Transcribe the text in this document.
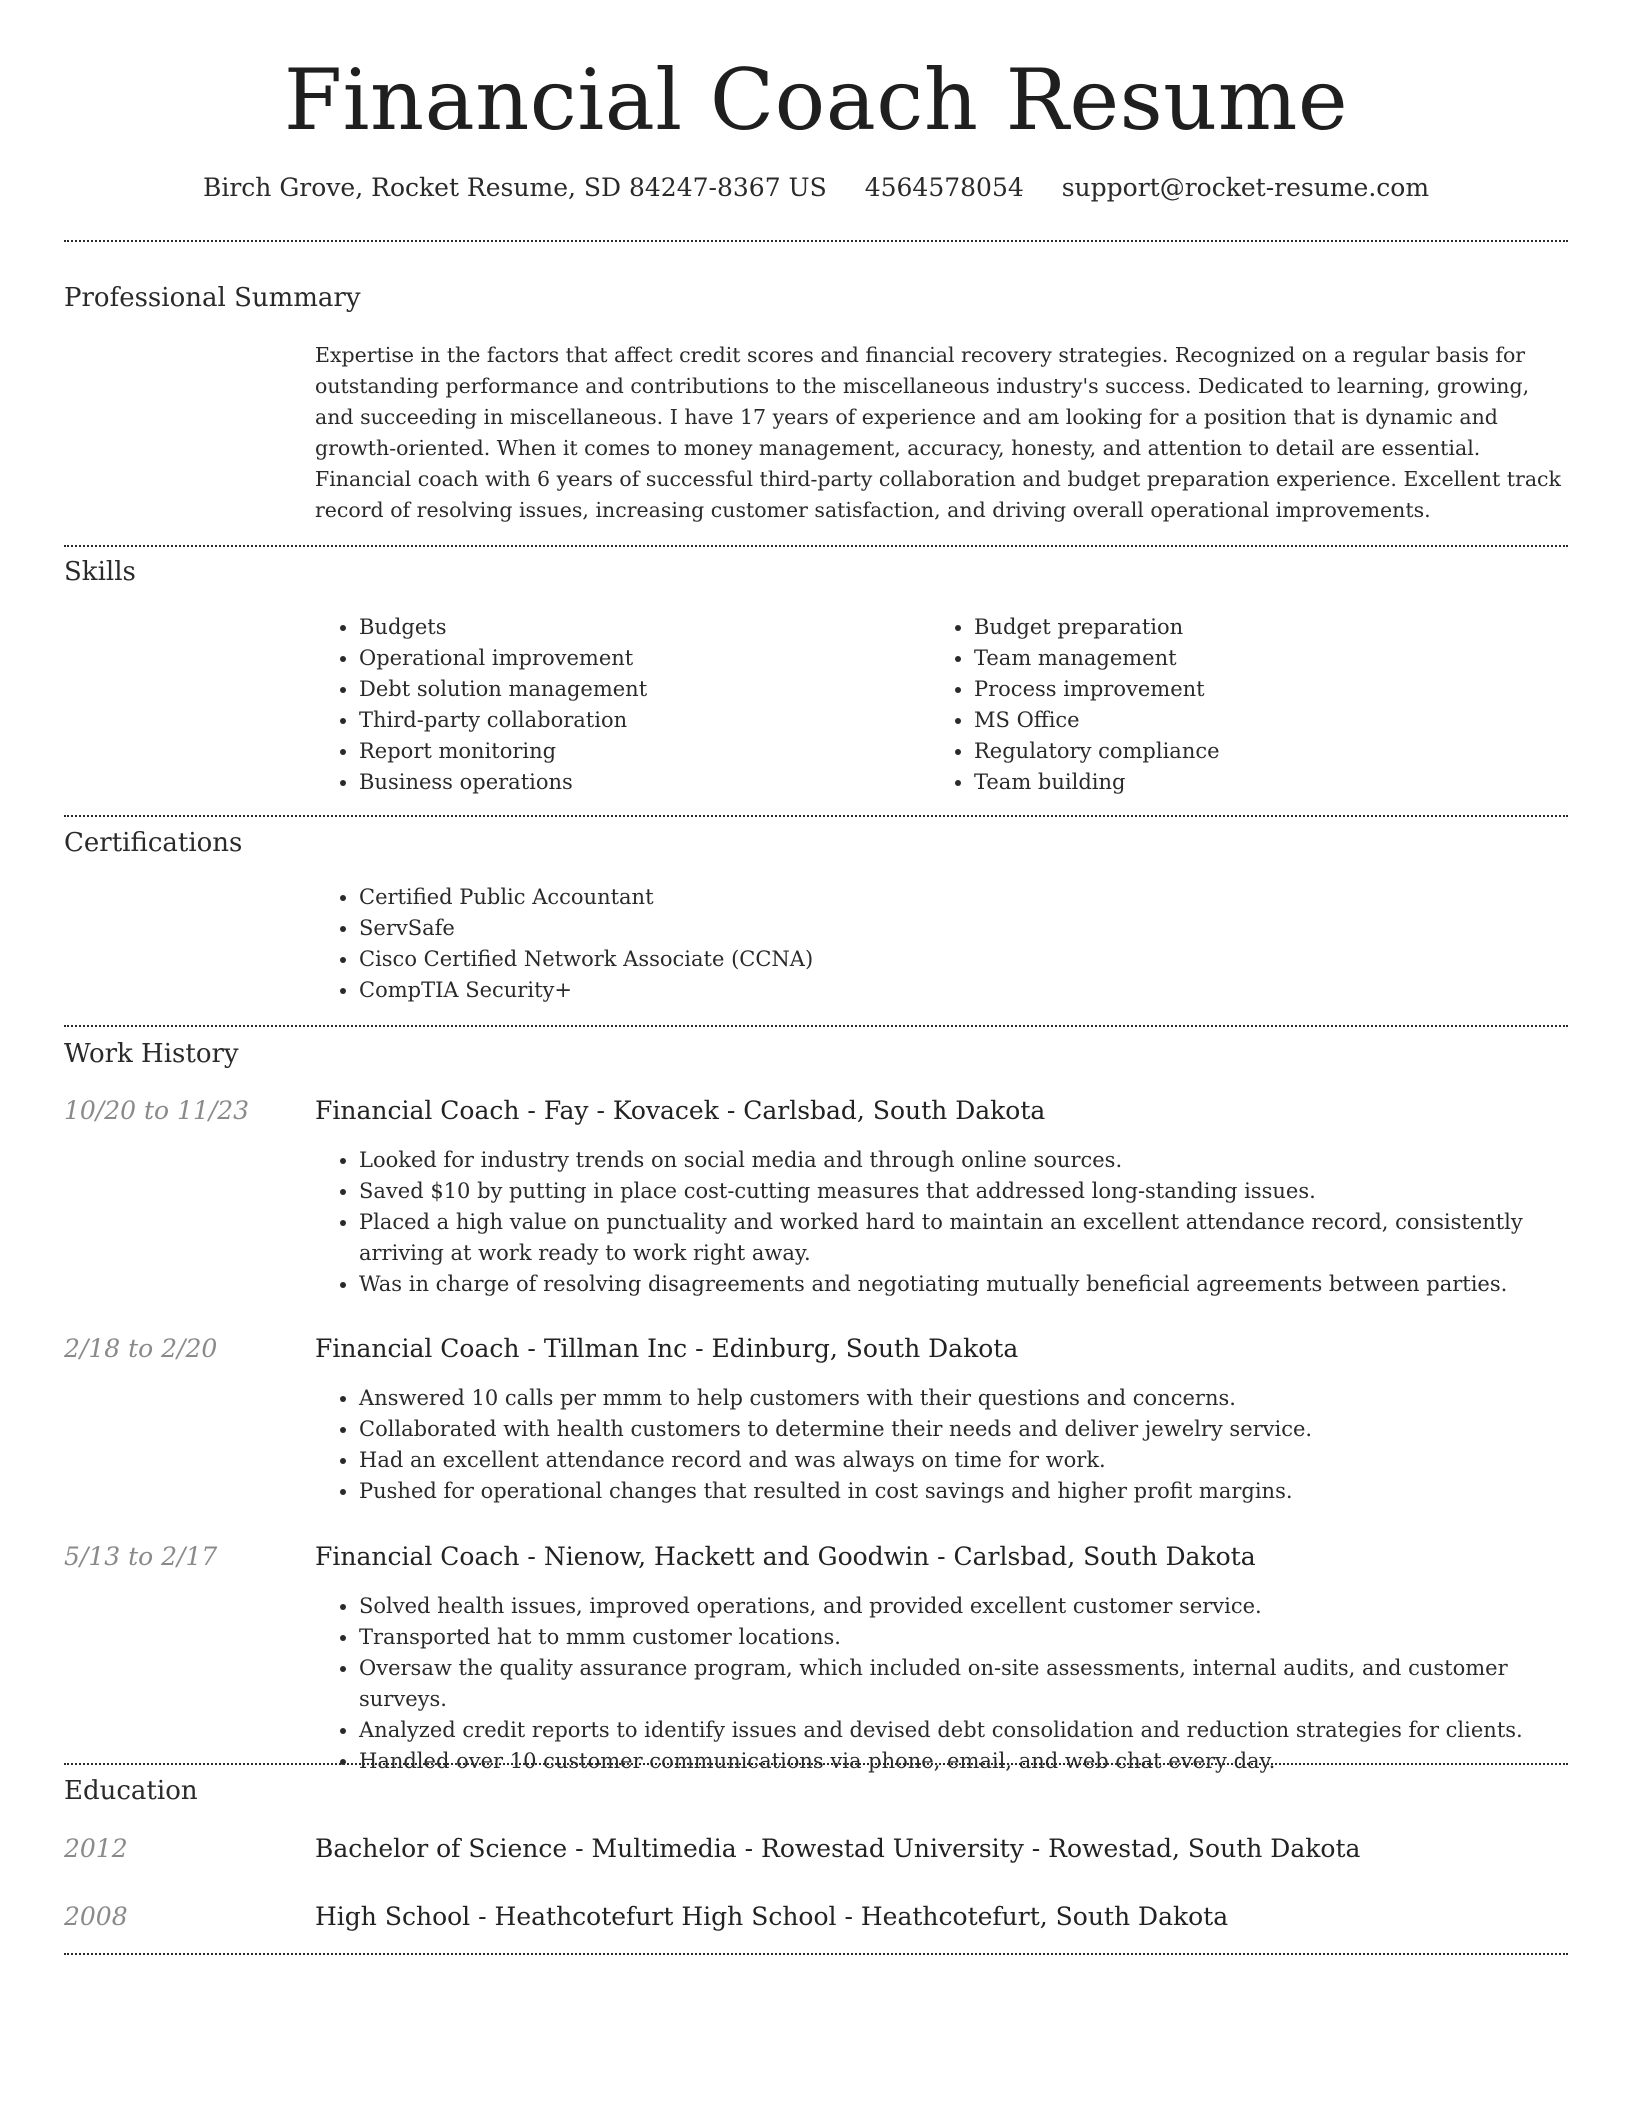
Financial Coach Resume
Birch Grove, Rocket Resume, SD 84247-8367 US 4564578054 support@rocket-resume.com
Professional Summary

Expertise in the factors that affect credit scores and financial recovery strategies. Recognized on a regular basis for outstanding performance and contributions to the miscellaneous industry's success. Dedicated to learning, growing, and succeeding in miscellaneous. I have 17 years of experience and am looking for a position that is dynamic and growth-oriented. When it comes to money management, accuracy, honesty, and attention to detail are essential. Financial coach with 6 years of successful third-party collaboration and budget preparation experience. Excellent track record of resolving issues, increasing customer satisfaction, and driving overall operational improvements.

Skills
• Budgets
• Operational improvement
• Debt solution management
• Third-party collaboration
• Report monitoring
• Business operations
• Budget preparation
• Team management
• Process improvement
• MS Office
• Regulatory compliance
• Team building
Certifications
• Certified Public Accountant
• ServSafe
• Cisco Certified Network Associate (CCNA)
• CompTIA Security+
Work History
10/20 to 11/23	Financial Coach - Fay - Kovacek - Carlsbad, South Dakota
• Looked for industry trends on social media and through online sources.
• Saved $10 by putting in place cost-cutting measures that addressed long-standing issues.
• Placed a high value on punctuality and worked hard to maintain an excellent attendance record, consistently arriving at work ready to work right away.
• Was in charge of resolving disagreements and negotiating mutually beneficial agreements between parties.
2/18 to 2/20	Financial Coach - Tillman Inc - Edinburg, South Dakota
• Answered 10 calls per mmm to help customers with their questions and concerns.
• Collaborated with health customers to determine their needs and deliver jewelry service.
• Had an excellent attendance record and was always on time for work.
• Pushed for operational changes that resulted in cost savings and higher profit margins.
5/13 to 2/17	Financial Coach - Nienow, Hackett and Goodwin - Carlsbad, South Dakota
• Solved health issues, improved operations, and provided excellent customer service.
• Transported hat to mmm customer locations.
• Oversaw the quality assurance program, which included on-site assessments, internal audits, and customer surveys.
• Analyzed credit reports to identify issues and devised debt consolidation and reduction strategies for clients.
• Handled over 10 customer communications via phone, email, and web chat every day.
Education
2012	Bachelor of Science - Multimedia - Rowestad University - Rowestad, South Dakota
2008	High School - Heathcotefurt High School - Heathcotefurt, South Dakota
